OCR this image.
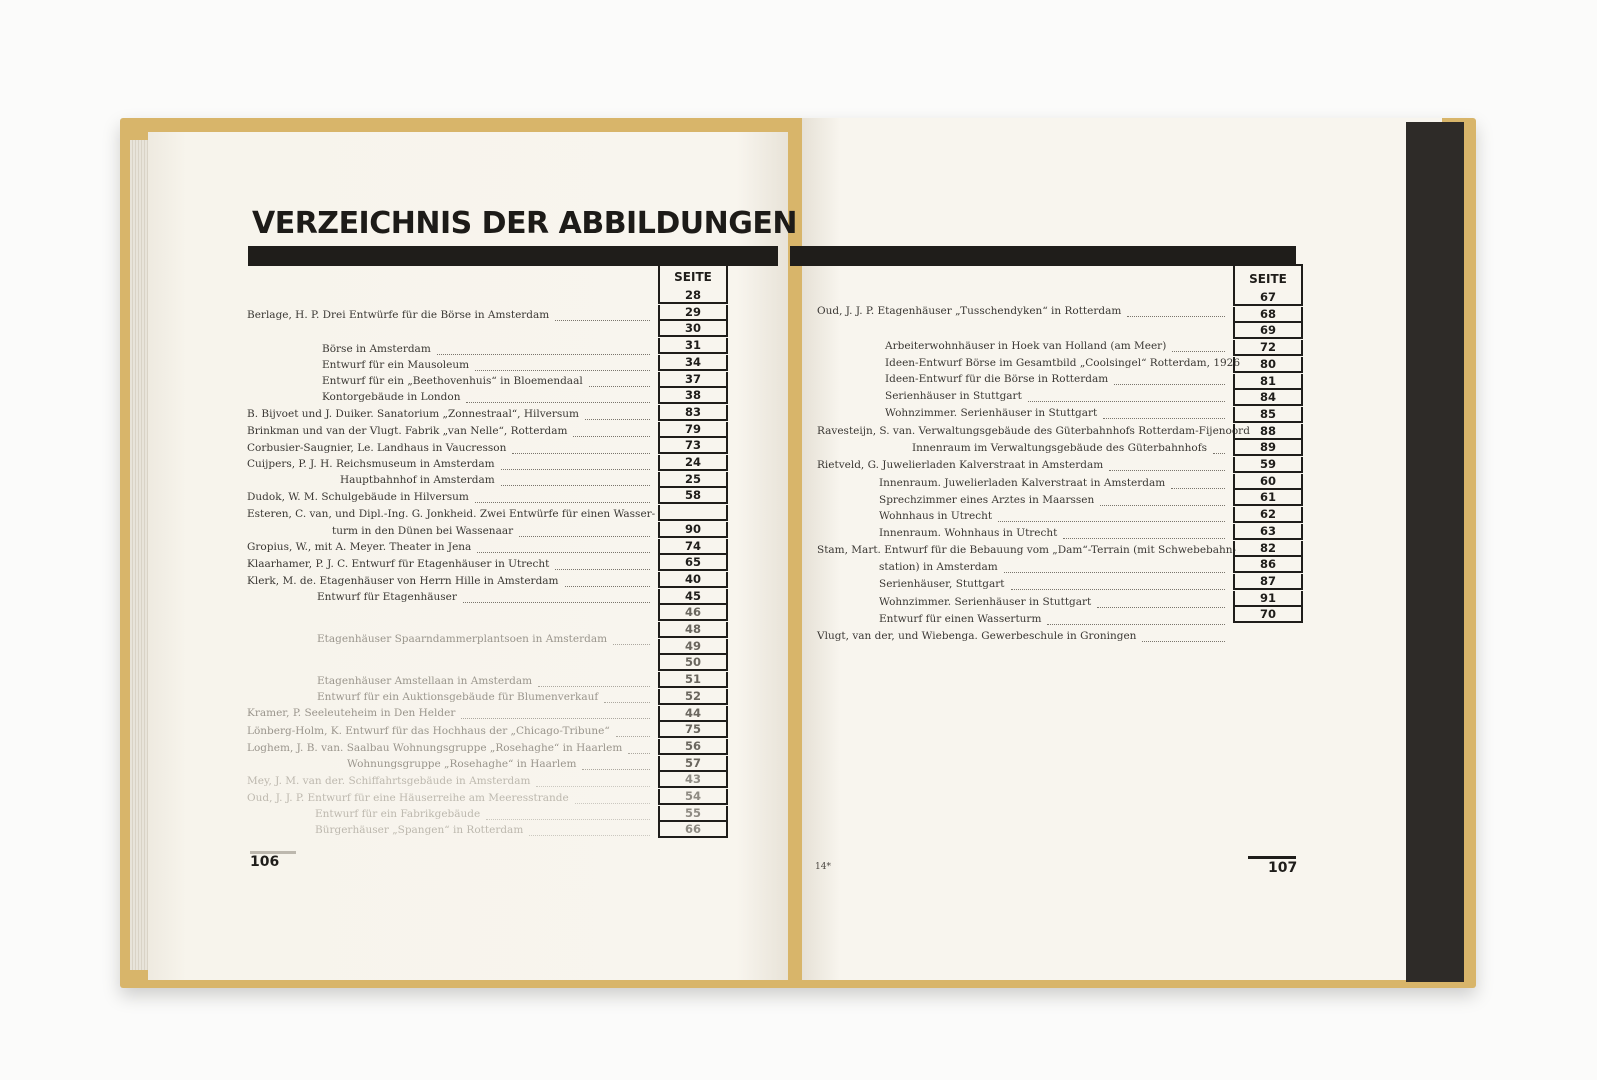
VERZEICHNIS DER ABBILDUNGEN
SEITE	SEITE
Berlage, H. P. Drei Entwürfe für die Börse in Amsterdam
Börse in Amsterdam
Entwurf für ein Mausoleum
Entwurf für ein „Beethovenhuis“ in Bloemendaal
Kontorgebäude in London
B. Bijvoet und J. Duiker. Sanatorium „Zonnestraal“, Hilversum
Brinkman und van der Vlugt. Fabrik „van Nelle“, Rotterdam
Corbusier-Saugnier, Le. Landhaus in Vaucresson
Cuijpers, P. J. H. Reichsmuseum in Amsterdam
Hauptbahnhof in Amsterdam
Dudok, W. M. Schulgebäude in Hilversum
Esteren, C. van, und Dipl.-Ing. G. Jonkheid. Zwei Entwürfe für einen Wasser-
turm in den Dünen bei Wassenaar
Gropius, W., mit A. Meyer. Theater in Jena
Klaarhamer, P. J. C. Entwurf für Etagenhäuser in Utrecht
Klerk, M. de. Etagenhäuser von Herrn Hille in Amsterdam
Entwurf für Etagenhäuser
Etagenhäuser Spaarndammerplantsoen in Amsterdam
Etagenhäuser Amstellaan in Amsterdam
Entwurf für ein Auktionsgebäude für Blumenverkauf
Kramer, P. Seeleuteheim in Den Helder
Lönberg-Holm, K. Entwurf für das Hochhaus der „Chicago-Tribune“
Loghem, J. B. van. Saalbau Wohnungsgruppe „Rosehaghe“ in Haarlem
Wohnungsgruppe „Rosehaghe“ in Haarlem
Mey, J. M. van der. Schiffahrtsgebäude in Amsterdam
Oud, J. J. P. Entwurf für eine Häuserreihe am Meeresstrande
Entwurf für ein Fabrikgebäude
Bürgerhäuser „Spangen“ in Rotterdam
28
29
30
31
34
37
38
83
79
73
24
25
58
90
74
65
40
45
46
48
49
50
51
52
44
75
56
57
43
54
55
66
Oud, J. J. P. Etagenhäuser „Tusschendyken“ in Rotterdam
Arbeiterwohnhäuser in Hoek van Holland (am Meer)
Ideen-Entwurf Börse im Gesamtbild „Coolsingel“ Rotterdam, 1926
Ideen-Entwurf für die Börse in Rotterdam
Serienhäuser in Stuttgart
Wohnzimmer. Serienhäuser in Stuttgart
Ravesteijn, S. van. Verwaltungsgebäude des Güterbahnhofs Rotterdam-Fijenoord
Innenraum im Verwaltungsgebäude des Güterbahnhofs
Rietveld, G. Juwelierladen Kalverstraat in Amsterdam
Innenraum. Juwelierladen Kalverstraat in Amsterdam
Sprechzimmer eines Arztes in Maarssen
Wohnhaus in Utrecht
Innenraum. Wohnhaus in Utrecht
Stam, Mart. Entwurf für die Bebauung vom „Dam“-Terrain (mit Schwebebahn-
station) in Amsterdam
Serienhäuser, Stuttgart
Wohnzimmer. Serienhäuser in Stuttgart
Entwurf für einen Wasserturm
Vlugt, van der, und Wiebenga. Gewerbeschule in Groningen
67
68
69
72
80
81
84
85
88
89
59
60
61
62
63
82
86
87
91
70
106	107
14*
